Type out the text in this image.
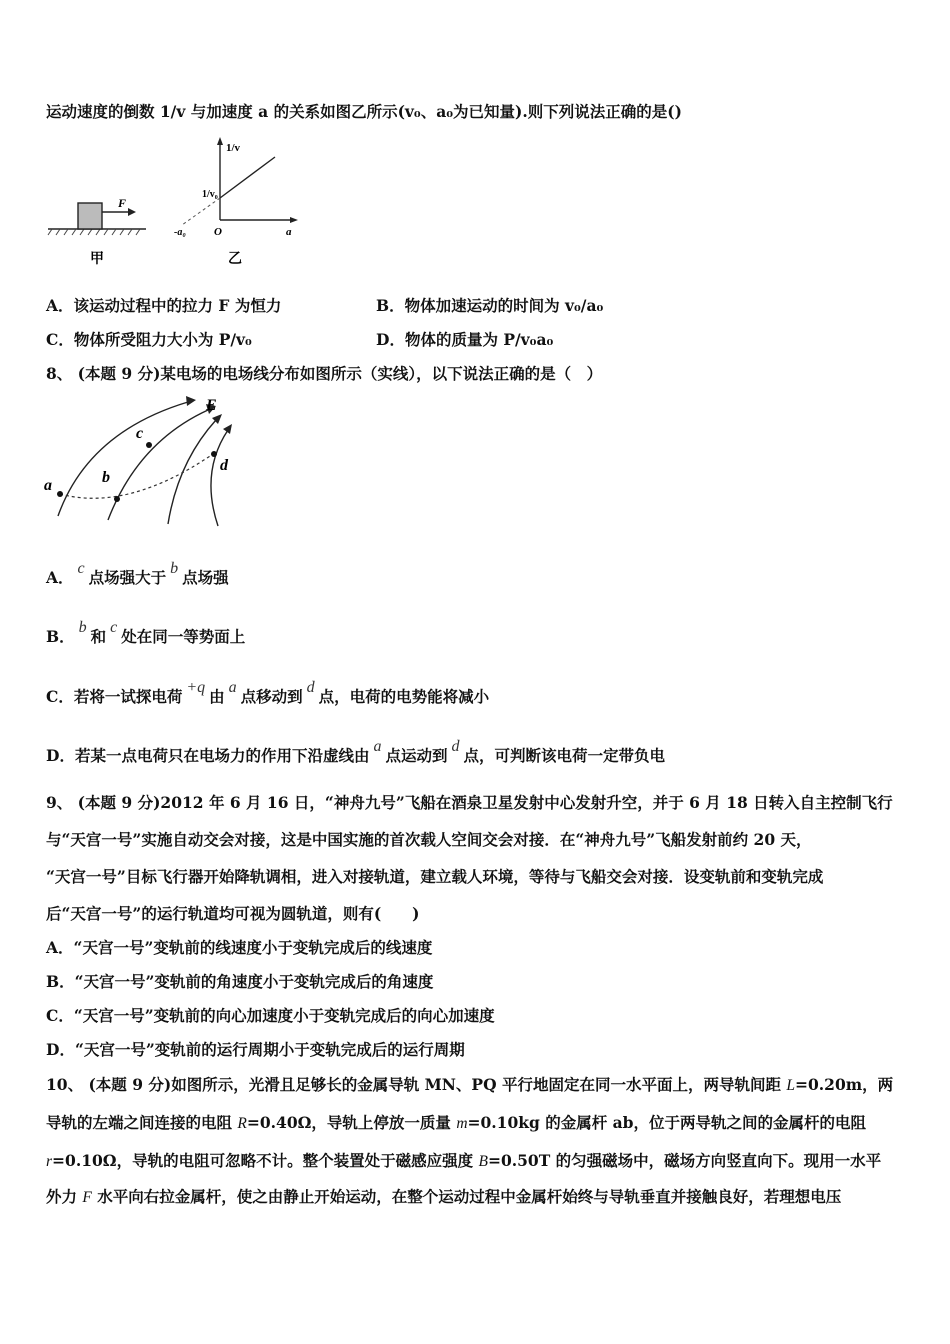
运动速度的倒数 1/v 与加速度 a 的关系如图乙所示(v₀、a₀为已知量).则下列说法正确的是()
F
甲
1/v
1/v₀
-a₀	O	a
乙
A．该运动过程中的拉力 F 为恒力	B．物体加速运动的时间为 v₀/a₀
C．物体所受阻力大小为 P/v₀	D．物体的质量为 P/v₀a₀
8、 (本题 9 分)某电场的电场线分布如图所示（实线），以下说法正确的是（　）
E
a	b
c
d
A． c 点场强大于 b 点场强
B． b 和 c 处在同一等势面上
C．若将一试探电荷 +q 由 a 点移动到 d 点，电荷的电势能将减小
D．若某一点电荷只在电场力的作用下沿虚线由 a 点运动到 d 点，可判断该电荷一定带负电
9、 (本题 9 分)2012 年 6 月 16 日，“神舟九号”飞船在酒泉卫星发射中心发射升空，并于 6 月 18 日转入自主控制飞行
与“天宫一号”实施自动交会对接，这是中国实施的首次载人空间交会对接．在“神舟九号”飞船发射前约 20 天，
“天宫一号”目标飞行器开始降轨调相，进入对接轨道，建立载人环境，等待与飞船交会对接．设变轨前和变轨完成
后“天宫一号”的运行轨道均可视为圆轨道，则有(　　)
A．“天宫一号”变轨前的线速度小于变轨完成后的线速度
B．“天宫一号”变轨前的角速度小于变轨完成后的角速度
C．“天宫一号”变轨前的向心加速度小于变轨完成后的向心加速度
D．“天宫一号”变轨前的运行周期小于变轨完成后的运行周期
10、 (本题 9 分)如图所示，光滑且足够长的金属导轨 MN、PQ 平行地固定在同一水平面上，两导轨间距 L=0.20m，两
导轨的左端之间连接的电阻 R=0.40Ω，导轨上停放一质量 m=0.10kg 的金属杆 ab，位于两导轨之间的金属杆的电阻
r=0.10Ω，导轨的电阻可忽略不计。整个装置处于磁感应强度 B=0.50T 的匀强磁场中，磁场方向竖直向下。现用一水平
外力 F 水平向右拉金属杆，使之由静止开始运动，在整个运动过程中金属杆始终与导轨垂直并接触良好，若理想电压
